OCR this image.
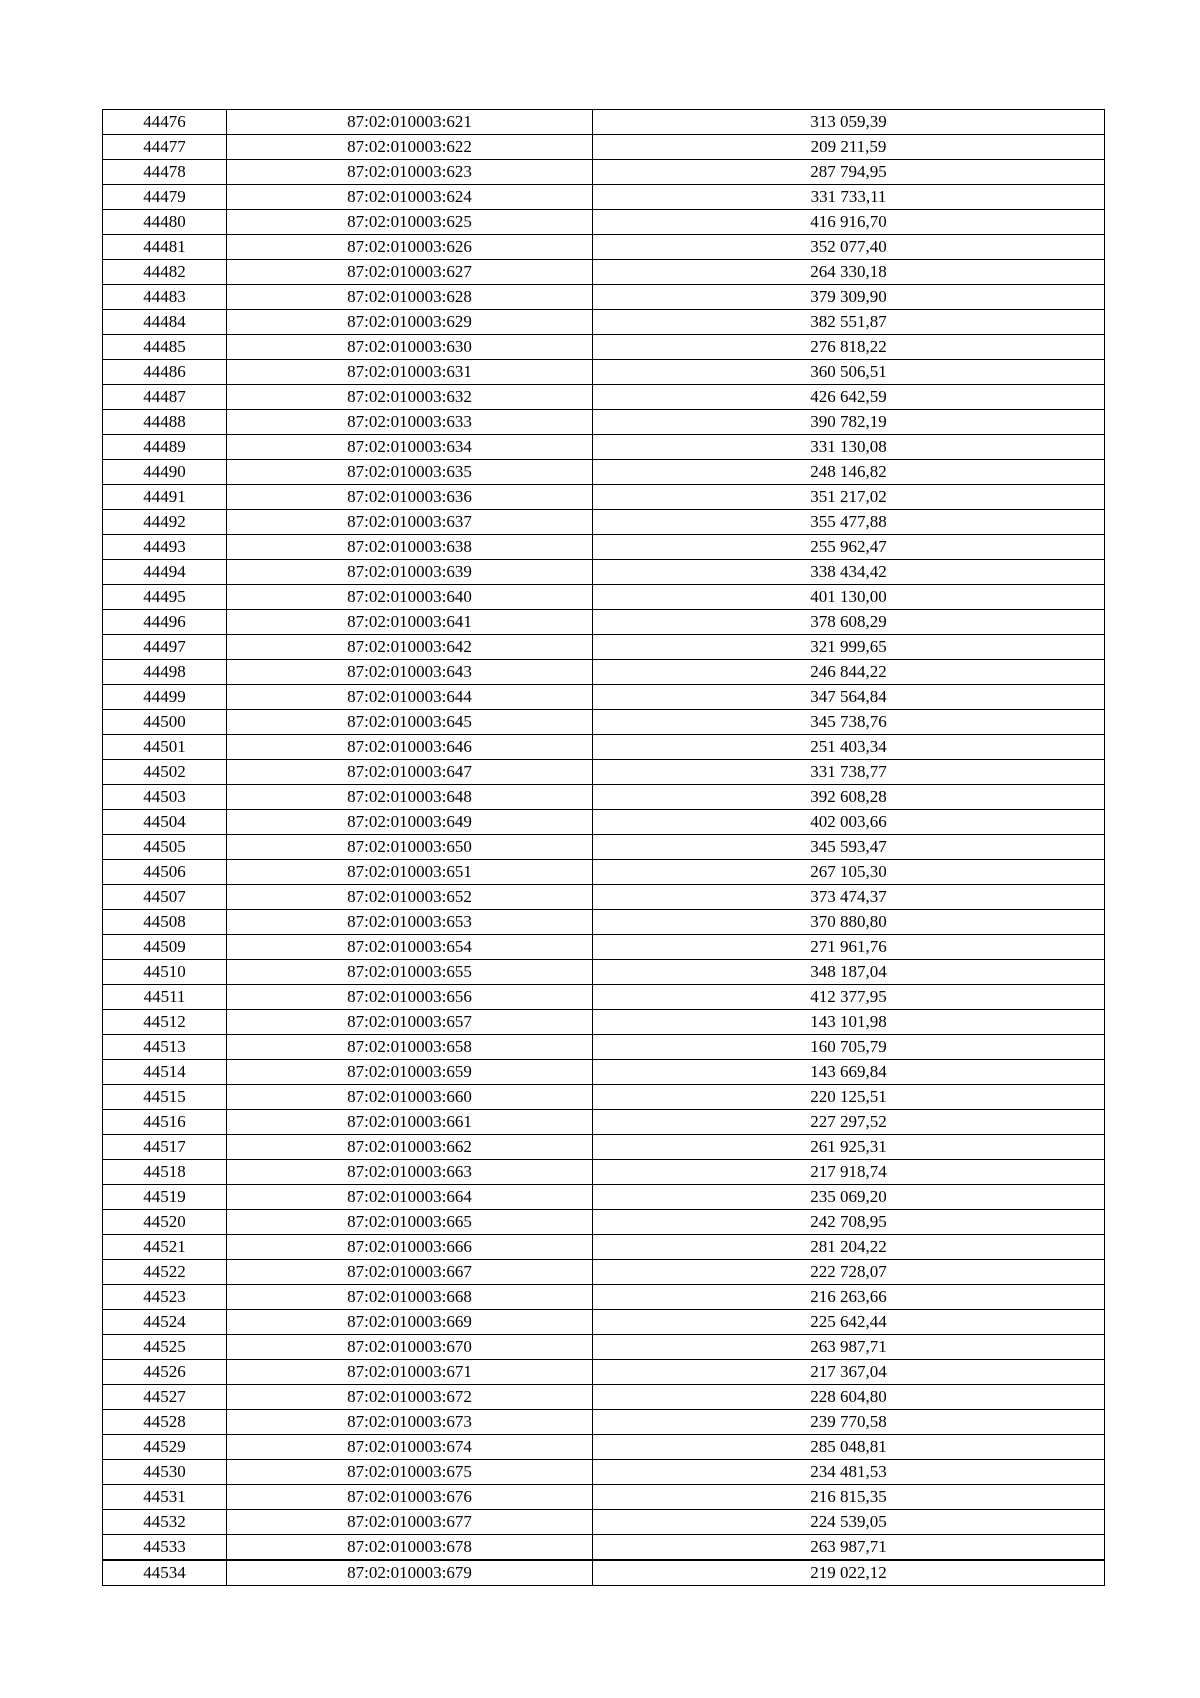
44476	87:02:010003:621	313 059,39
44477	87:02:010003:622	209 211,59
44478	87:02:010003:623	287 794,95
44479	87:02:010003:624	331 733,11
44480	87:02:010003:625	416 916,70
44481	87:02:010003:626	352 077,40
44482	87:02:010003:627	264 330,18
44483	87:02:010003:628	379 309,90
44484	87:02:010003:629	382 551,87
44485	87:02:010003:630	276 818,22
44486	87:02:010003:631	360 506,51
44487	87:02:010003:632	426 642,59
44488	87:02:010003:633	390 782,19
44489	87:02:010003:634	331 130,08
44490	87:02:010003:635	248 146,82
44491	87:02:010003:636	351 217,02
44492	87:02:010003:637	355 477,88
44493	87:02:010003:638	255 962,47
44494	87:02:010003:639	338 434,42
44495	87:02:010003:640	401 130,00
44496	87:02:010003:641	378 608,29
44497	87:02:010003:642	321 999,65
44498	87:02:010003:643	246 844,22
44499	87:02:010003:644	347 564,84
44500	87:02:010003:645	345 738,76
44501	87:02:010003:646	251 403,34
44502	87:02:010003:647	331 738,77
44503	87:02:010003:648	392 608,28
44504	87:02:010003:649	402 003,66
44505	87:02:010003:650	345 593,47
44506	87:02:010003:651	267 105,30
44507	87:02:010003:652	373 474,37
44508	87:02:010003:653	370 880,80
44509	87:02:010003:654	271 961,76
44510	87:02:010003:655	348 187,04
44511	87:02:010003:656	412 377,95
44512	87:02:010003:657	143 101,98
44513	87:02:010003:658	160 705,79
44514	87:02:010003:659	143 669,84
44515	87:02:010003:660	220 125,51
44516	87:02:010003:661	227 297,52
44517	87:02:010003:662	261 925,31
44518	87:02:010003:663	217 918,74
44519	87:02:010003:664	235 069,20
44520	87:02:010003:665	242 708,95
44521	87:02:010003:666	281 204,22
44522	87:02:010003:667	222 728,07
44523	87:02:010003:668	216 263,66
44524	87:02:010003:669	225 642,44
44525	87:02:010003:670	263 987,71
44526	87:02:010003:671	217 367,04
44527	87:02:010003:672	228 604,80
44528	87:02:010003:673	239 770,58
44529	87:02:010003:674	285 048,81
44530	87:02:010003:675	234 481,53
44531	87:02:010003:676	216 815,35
44532	87:02:010003:677	224 539,05
44533	87:02:010003:678	263 987,71
44534	87:02:010003:679	219 022,12
